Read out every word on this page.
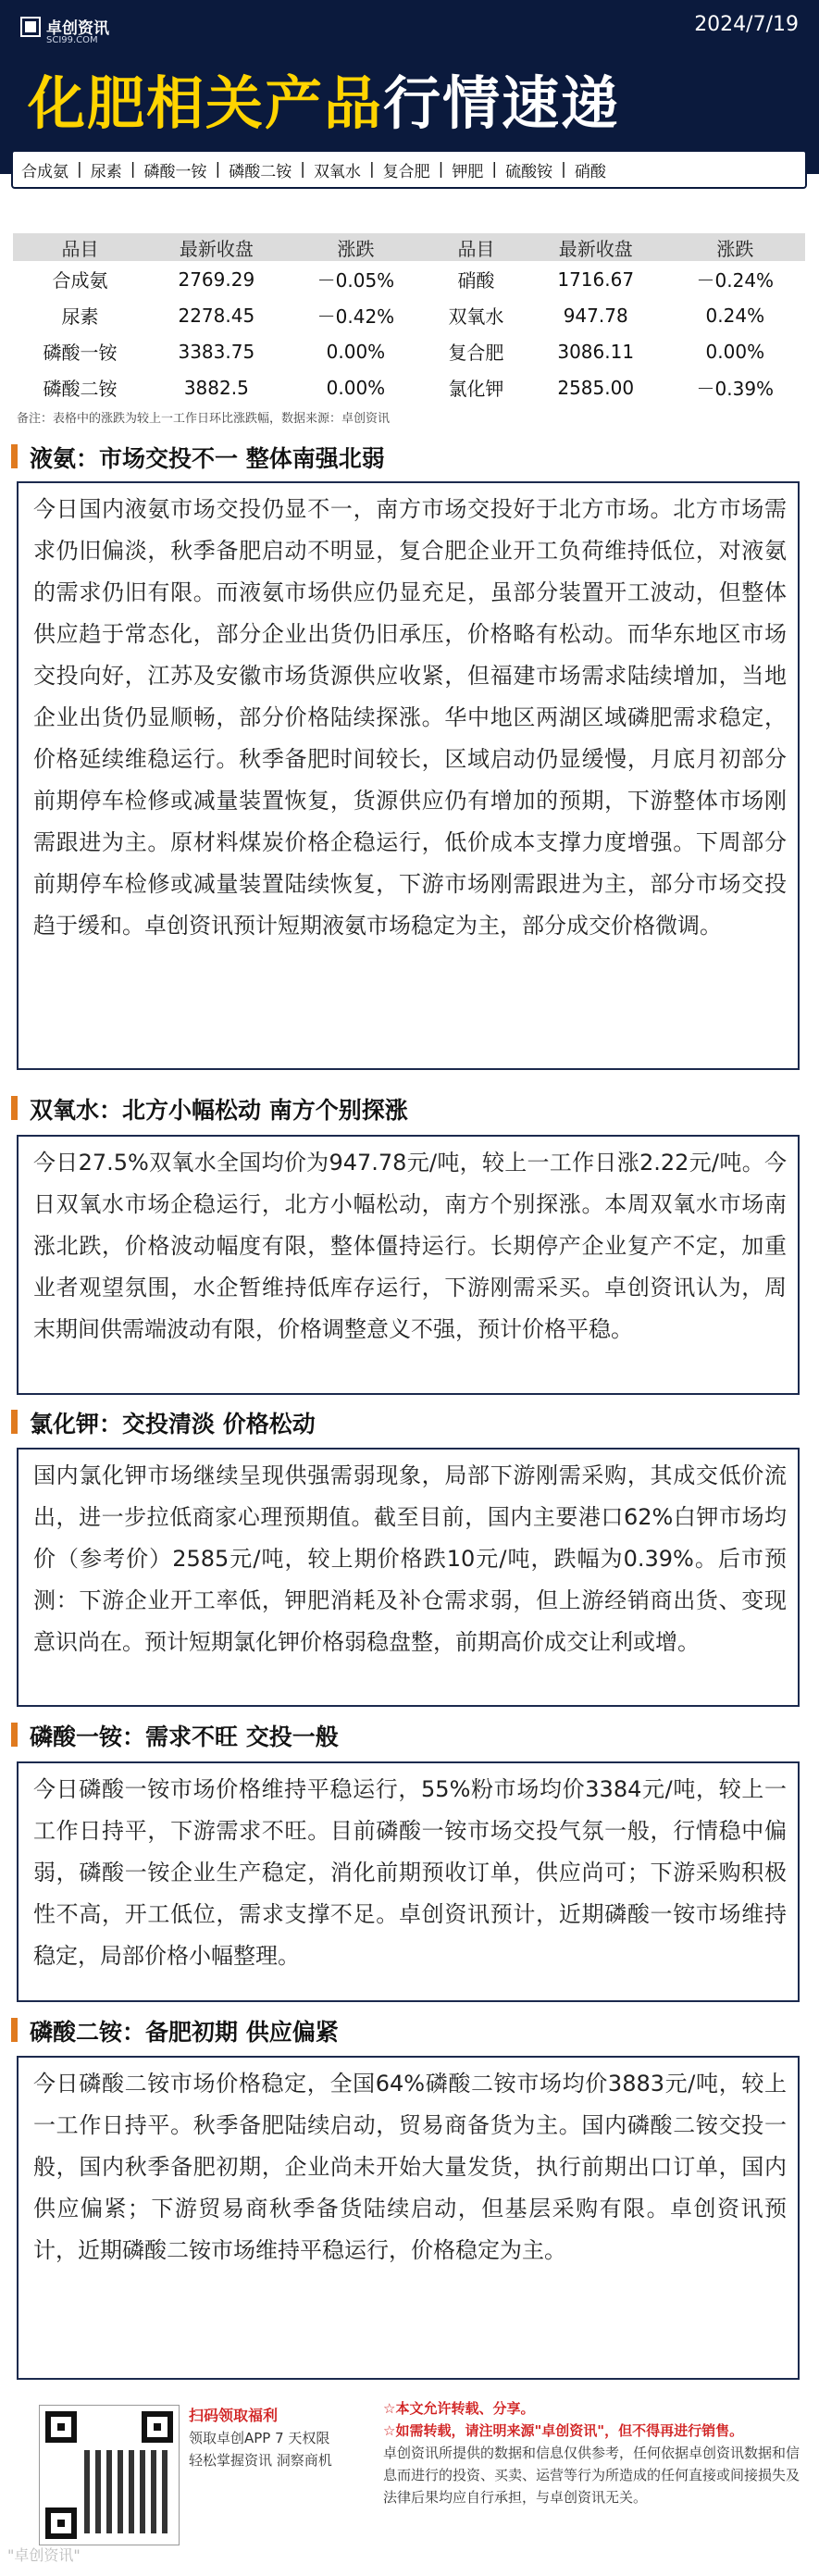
卓创资讯
SCI99.COM
2024/7/19
化肥相关产品行情速递
合成氨 | 尿素 | 磷酸一铵 | 磷酸二铵 | 双氧水 | 复合肥 | 钾肥 | 硫酸铵 | 硝酸
品目	最新收盘	涨跌	品目	最新收盘	涨跌
合成氨	2769.29	－0.05%	硝酸	1716.67	－0.24%
尿素	2278.45	－0.42%	双氧水	947.78	0.24%
磷酸一铵	3383.75	0.00%	复合肥	3086.11	0.00%
磷酸二铵	3882.5	0.00%	氯化钾	2585.00	－0.39%
备注：表格中的涨跌为较上一工作日环比涨跌幅，数据来源：卓创资讯
液氨：市场交投不一 整体南强北弱
今日国内液氨市场交投仍显不一，南方市场交投好于北方市场。北方市场需求仍旧偏淡，秋季备肥启动不明显，复合肥企业开工负荷维持低位，对液氨的需求仍旧有限。而液氨市场供应仍显充足，虽部分装置开工波动，但整体供应趋于常态化，部分企业出货仍旧承压，价格略有松动。而华东地区市场交投向好，江苏及安徽市场货源供应收紧，但福建市场需求陆续增加，当地企业出货仍显顺畅，部分价格陆续探涨。华中地区两湖区域磷肥需求稳定，价格延续维稳运行。秋季备肥时间较长，区域启动仍显缓慢，月底月初部分前期停车检修或减量装置恢复，货源供应仍有增加的预期，下游整体市场刚需跟进为主。原材料煤炭价格企稳运行，低价成本支撑力度增强。下周部分前期停车检修或减量装置陆续恢复，下游市场刚需跟进为主，部分市场交投趋于缓和。卓创资讯预计短期液氨市场稳定为主，部分成交价格微调。
双氧水：北方小幅松动 南方个别探涨
今日27.5%双氧水全国均价为947.78元/吨，较上一工作日涨2.22元/吨。今日双氧水市场企稳运行，北方小幅松动，南方个别探涨。本周双氧水市场南涨北跌，价格波动幅度有限，整体僵持运行。长期停产企业复产不定，加重业者观望氛围，水企暂维持低库存运行，下游刚需采买。卓创资讯认为，周末期间供需端波动有限，价格调整意义不强，预计价格平稳。
氯化钾：交投清淡 价格松动
国内氯化钾市场继续呈现供强需弱现象，局部下游刚需采购，其成交低价流出，进一步拉低商家心理预期值。截至目前，国内主要港口62%白钾市场均价（参考价）2585元/吨，较上期价格跌10元/吨，跌幅为0.39%。后市预测：下游企业开工率低，钾肥消耗及补仓需求弱，但上游经销商出货、变现意识尚在。预计短期氯化钾价格弱稳盘整，前期高价成交让利或增。
磷酸一铵：需求不旺 交投一般
今日磷酸一铵市场价格维持平稳运行，55%粉市场均价3384元/吨，较上一工作日持平，下游需求不旺。目前磷酸一铵市场交投气氛一般，行情稳中偏弱，磷酸一铵企业生产稳定，消化前期预收订单，供应尚可；下游采购积极性不高，开工低位，需求支撑不足。卓创资讯预计，近期磷酸一铵市场维持稳定，局部价格小幅整理。
磷酸二铵：备肥初期 供应偏紧
今日磷酸二铵市场价格稳定，全国64%磷酸二铵市场均价3883元/吨，较上一工作日持平。秋季备肥陆续启动，贸易商备货为主。国内磷酸二铵交投一般，国内秋季备肥初期，企业尚未开始大量发货，执行前期出口订单，国内供应偏紧；下游贸易商秋季备货陆续启动，但基层采购有限。卓创资讯预计，近期磷酸二铵市场维持平稳运行，价格稳定为主。
扫码领取福利
领取卓创APP 7 天权限
轻松掌握资讯 洞察商机
☆本文允许转载、分享。
☆如需转载，请注明来源"卓创资讯"，但不得再进行销售。
卓创资讯所提供的数据和信息仅供参考，任何依据卓创资讯数据和信息而进行的投资、买卖、运营等行为所造成的任何直接或间接损失及法律后果均应自行承担，与卓创资讯无关。
"卓创资讯"
